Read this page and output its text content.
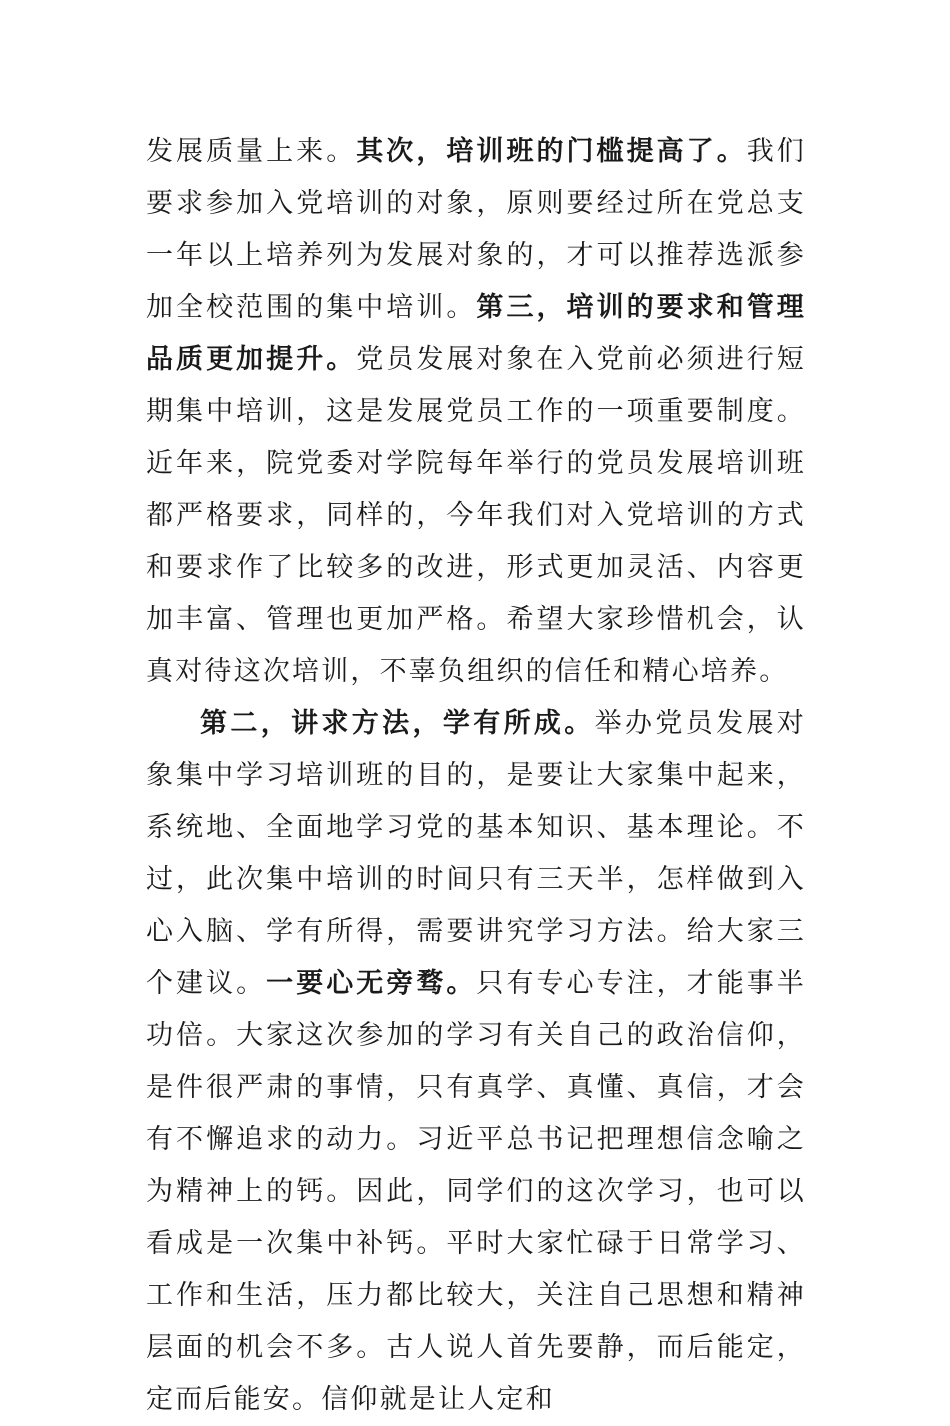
发展质量上来。其次，培训班的门槛提高了。我们要求参加入党培训的对象，原则要经过所在党总支一年以上培养列为发展对象的，才可以推荐选派参加全校范围的集中培训。第三，培训的要求和管理品质更加提升。党员发展对象在入党前必须进行短期集中培训，这是发展党员工作的一项重要制度。近年来，院党委对学院每年举行的党员发展培训班都严格要求，同样的，今年我们对入党培训的方式和要求作了比较多的改进，形式更加灵活、内容更加丰富、管理也更加严格。希望大家珍惜机会，认真对待这次培训，不辜负组织的信任和精心培养。

第二，讲求方法，学有所成。举办党员发展对象集中学习培训班的目的，是要让大家集中起来，系统地、全面地学习党的基本知识、基本理论。不过，此次集中培训的时间只有三天半，怎样做到入心入脑、学有所得，需要讲究学习方法。给大家三个建议。一要心无旁骛。只有专心专注，才能事半功倍。大家这次参加的学习有关自己的政治信仰，是件很严肃的事情，只有真学、真懂、真信，才会有不懈追求的动力。习近平总书记把理想信念喻之为精神上的钙。因此，同学们的这次学习，也可以看成是一次集中补钙。平时大家忙碌于日常学习、工作和生活，压力都比较大，关注自己思想和精神层面的机会不多。古人说人首先要静，而后能定，定而后能安。信仰就是让人定和
